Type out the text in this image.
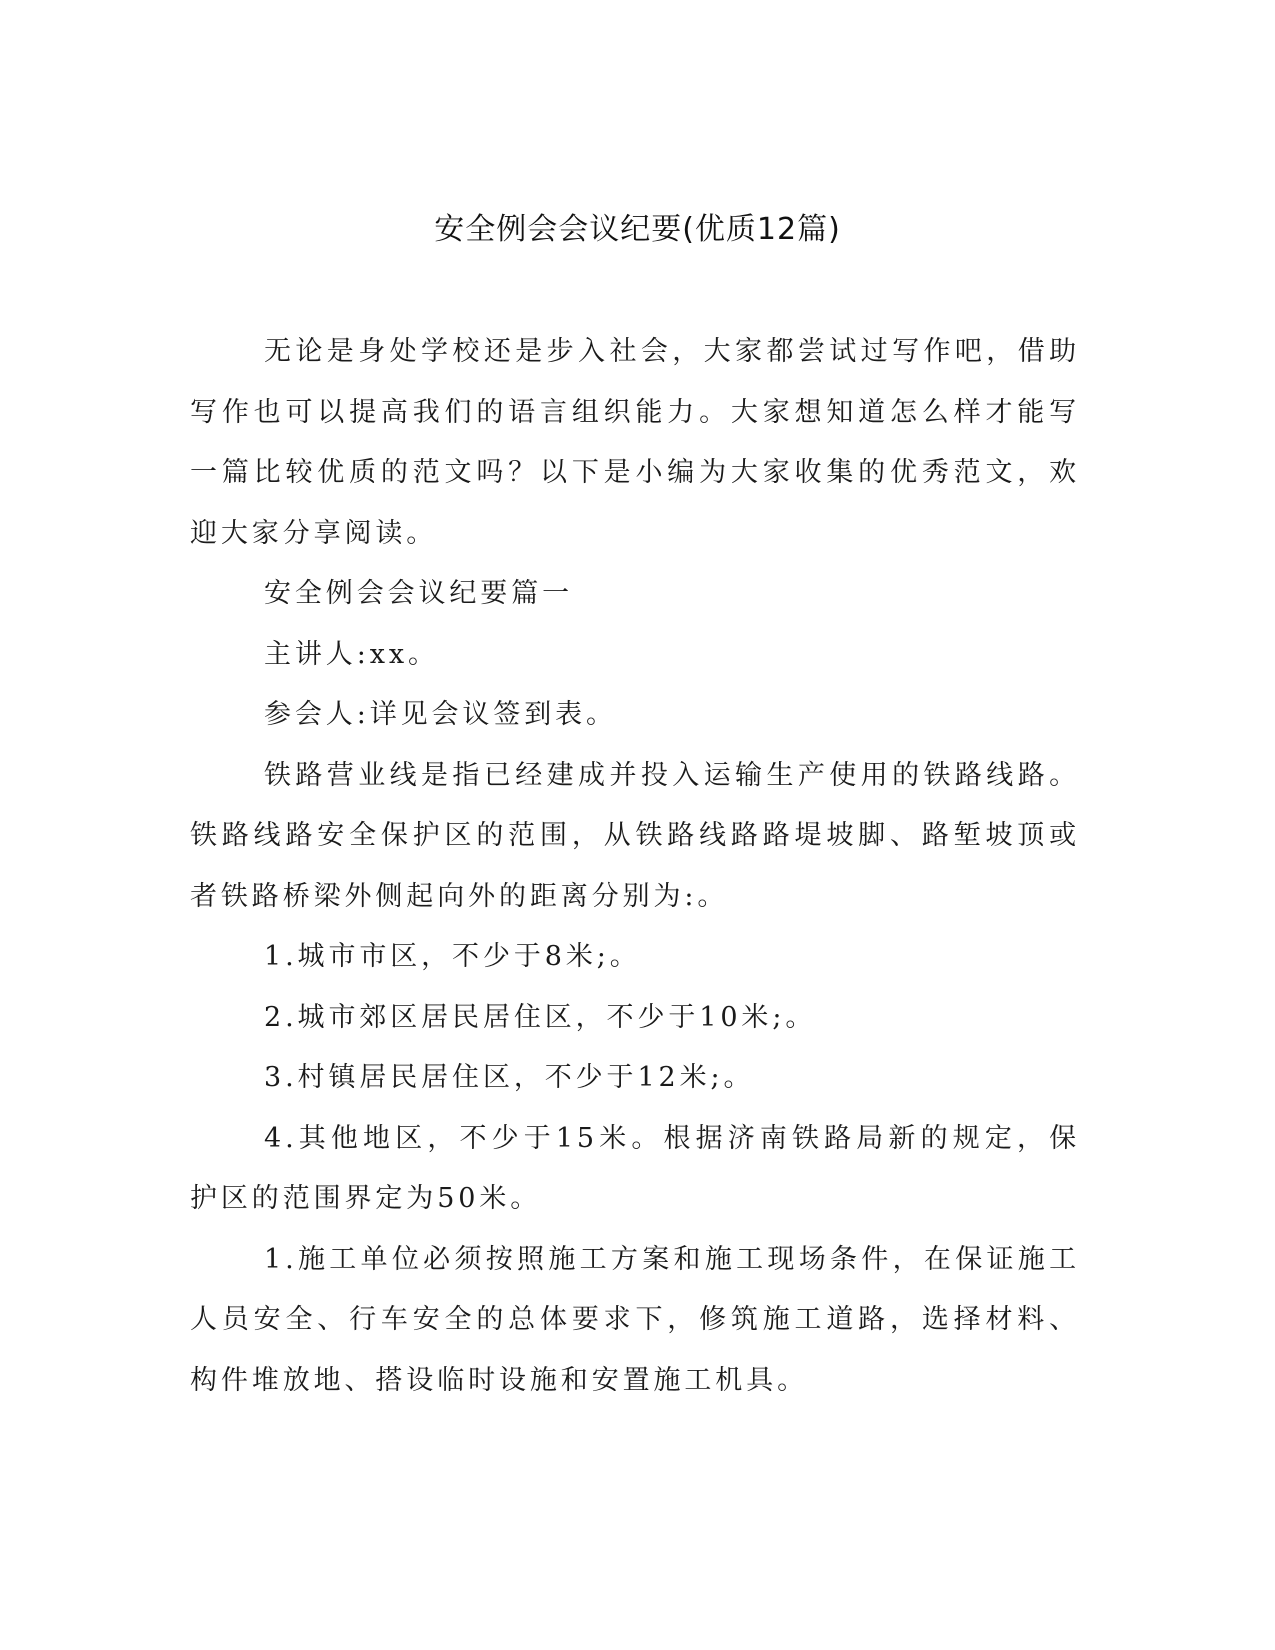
安全例会会议纪要(优质12篇)

无论是身处学校还是步入社会，大家都尝试过写作吧，借助写作也可以提高我们的语言组织能力。大家想知道怎么样才能写一篇比较优质的范文吗？以下是小编为大家收集的优秀范文，欢迎大家分享阅读。

安全例会会议纪要篇一

主讲人:xx。

参会人:详见会议签到表。

铁路营业线是指已经建成并投入运输生产使用的铁路线路。铁路线路安全保护区的范围，从铁路线路路堤坡脚、路堑坡顶或者铁路桥梁外侧起向外的距离分别为:。

1.城市市区，不少于8米;。

2.城市郊区居民居住区，不少于10米;。

3.村镇居民居住区，不少于12米;。

4.其他地区，不少于15米。根据济南铁路局新的规定，保护区的范围界定为50米。

1.施工单位必须按照施工方案和施工现场条件，在保证施工人员安全、行车安全的总体要求下，修筑施工道路，选择材料、构件堆放地、搭设临时设施和安置施工机具。
